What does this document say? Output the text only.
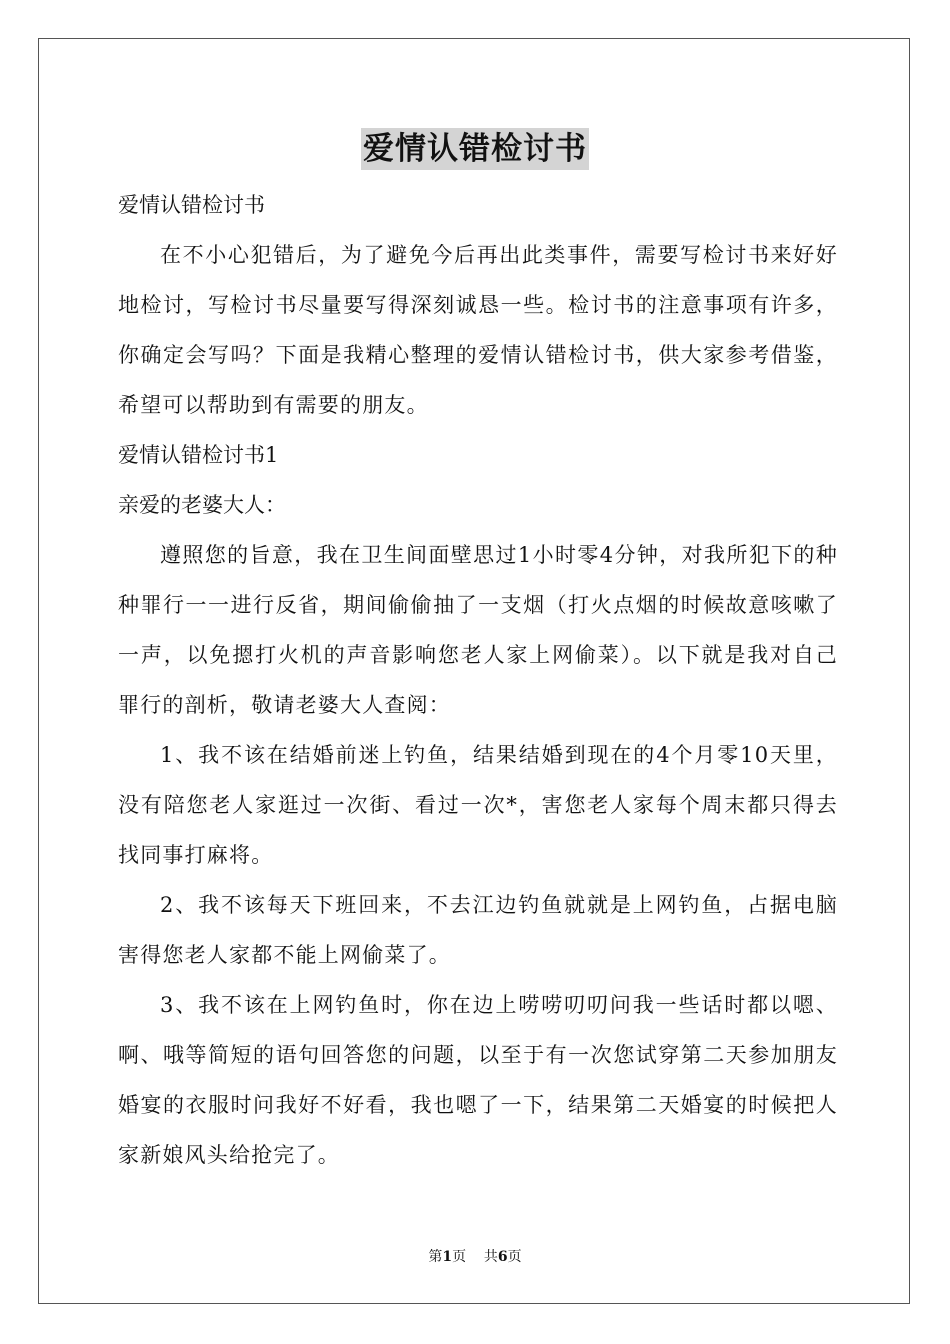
爱情认错检讨书

爱情认错检讨书

在不小心犯错后，为了避免今后再出此类事件，需要写检讨书来好好地检讨，写检讨书尽量要写得深刻诚恳一些。检讨书的注意事项有许多，你确定会写吗？下面是我精心整理的爱情认错检讨书，供大家参考借鉴，希望可以帮助到有需要的朋友。

爱情认错检讨书1

亲爱的老婆大人：

遵照您的旨意，我在卫生间面壁思过1小时零4分钟，对我所犯下的种种罪行一一进行反省，期间偷偷抽了一支烟（打火点烟的时候故意咳嗽了一声，以免摁打火机的声音影响您老人家上网偷菜）。以下就是我对自己罪行的剖析，敬请老婆大人查阅：

1、我不该在结婚前迷上钓鱼，结果结婚到现在的4个月零10天里，没有陪您老人家逛过一次街、看过一次*，害您老人家每个周末都只得去找同事打麻将。

2、我不该每天下班回来，不去江边钓鱼就就是上网钓鱼，占据电脑害得您老人家都不能上网偷菜了。

3、我不该在上网钓鱼时，你在边上唠唠叨叨问我一些话时都以嗯、啊、哦等简短的语句回答您的问题，以至于有一次您试穿第二天参加朋友婚宴的衣服时问我好不好看，我也嗯了一下，结果第二天婚宴的时候把人家新娘风头给抢完了。

第1页 共6页
